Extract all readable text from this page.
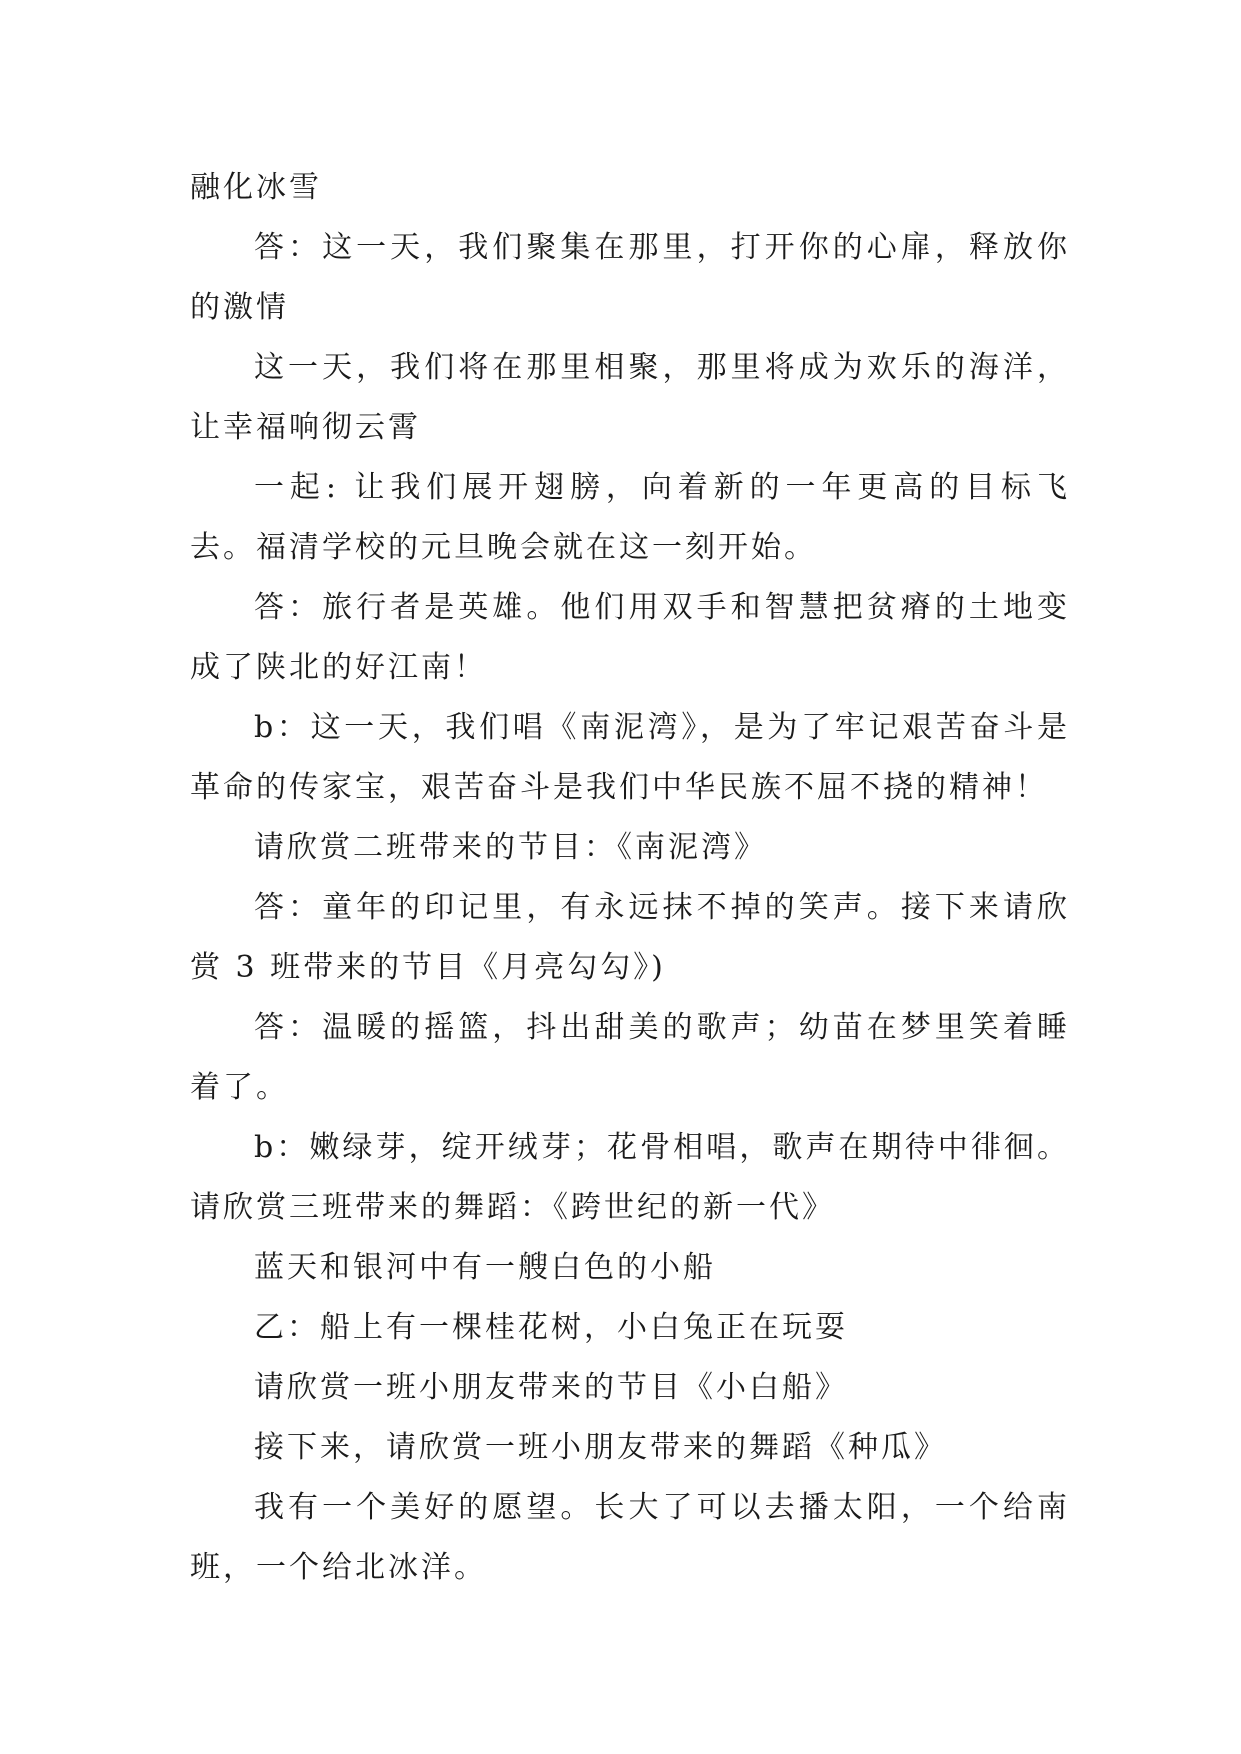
融化冰雪

答：这一天，我们聚集在那里，打开你的心扉，释放你的激情

这一天，我们将在那里相聚，那里将成为欢乐的海洋，让幸福响彻云霄

一起: 让我们展开翅膀，向着新的一年更高的目标飞去。福清学校的元旦晚会就在这一刻开始。

答：旅行者是英雄。他们用双手和智慧把贫瘠的土地变成了陕北的好江南！

b：这一天，我们唱《南泥湾》，是为了牢记艰苦奋斗是革命的传家宝，艰苦奋斗是我们中华民族不屈不挠的精神！

请欣赏二班带来的节目：《南泥湾》

答：童年的印记里，有永远抹不掉的笑声。接下来请欣赏 3 班带来的节目《月亮勾勾》)

答：温暖的摇篮，抖出甜美的歌声；幼苗在梦里笑着睡着了。

b：嫩绿芽，绽开绒芽；花骨相唱，歌声在期待中徘徊。请欣赏三班带来的舞蹈：《跨世纪的新一代》

蓝天和银河中有一艘白色的小船

乙：船上有一棵桂花树，小白兔正在玩耍

请欣赏一班小朋友带来的节目《小白船》

接下来，请欣赏一班小朋友带来的舞蹈《种瓜》

我有一个美好的愿望。长大了可以去播太阳，一个给南班，一个给北冰洋。
